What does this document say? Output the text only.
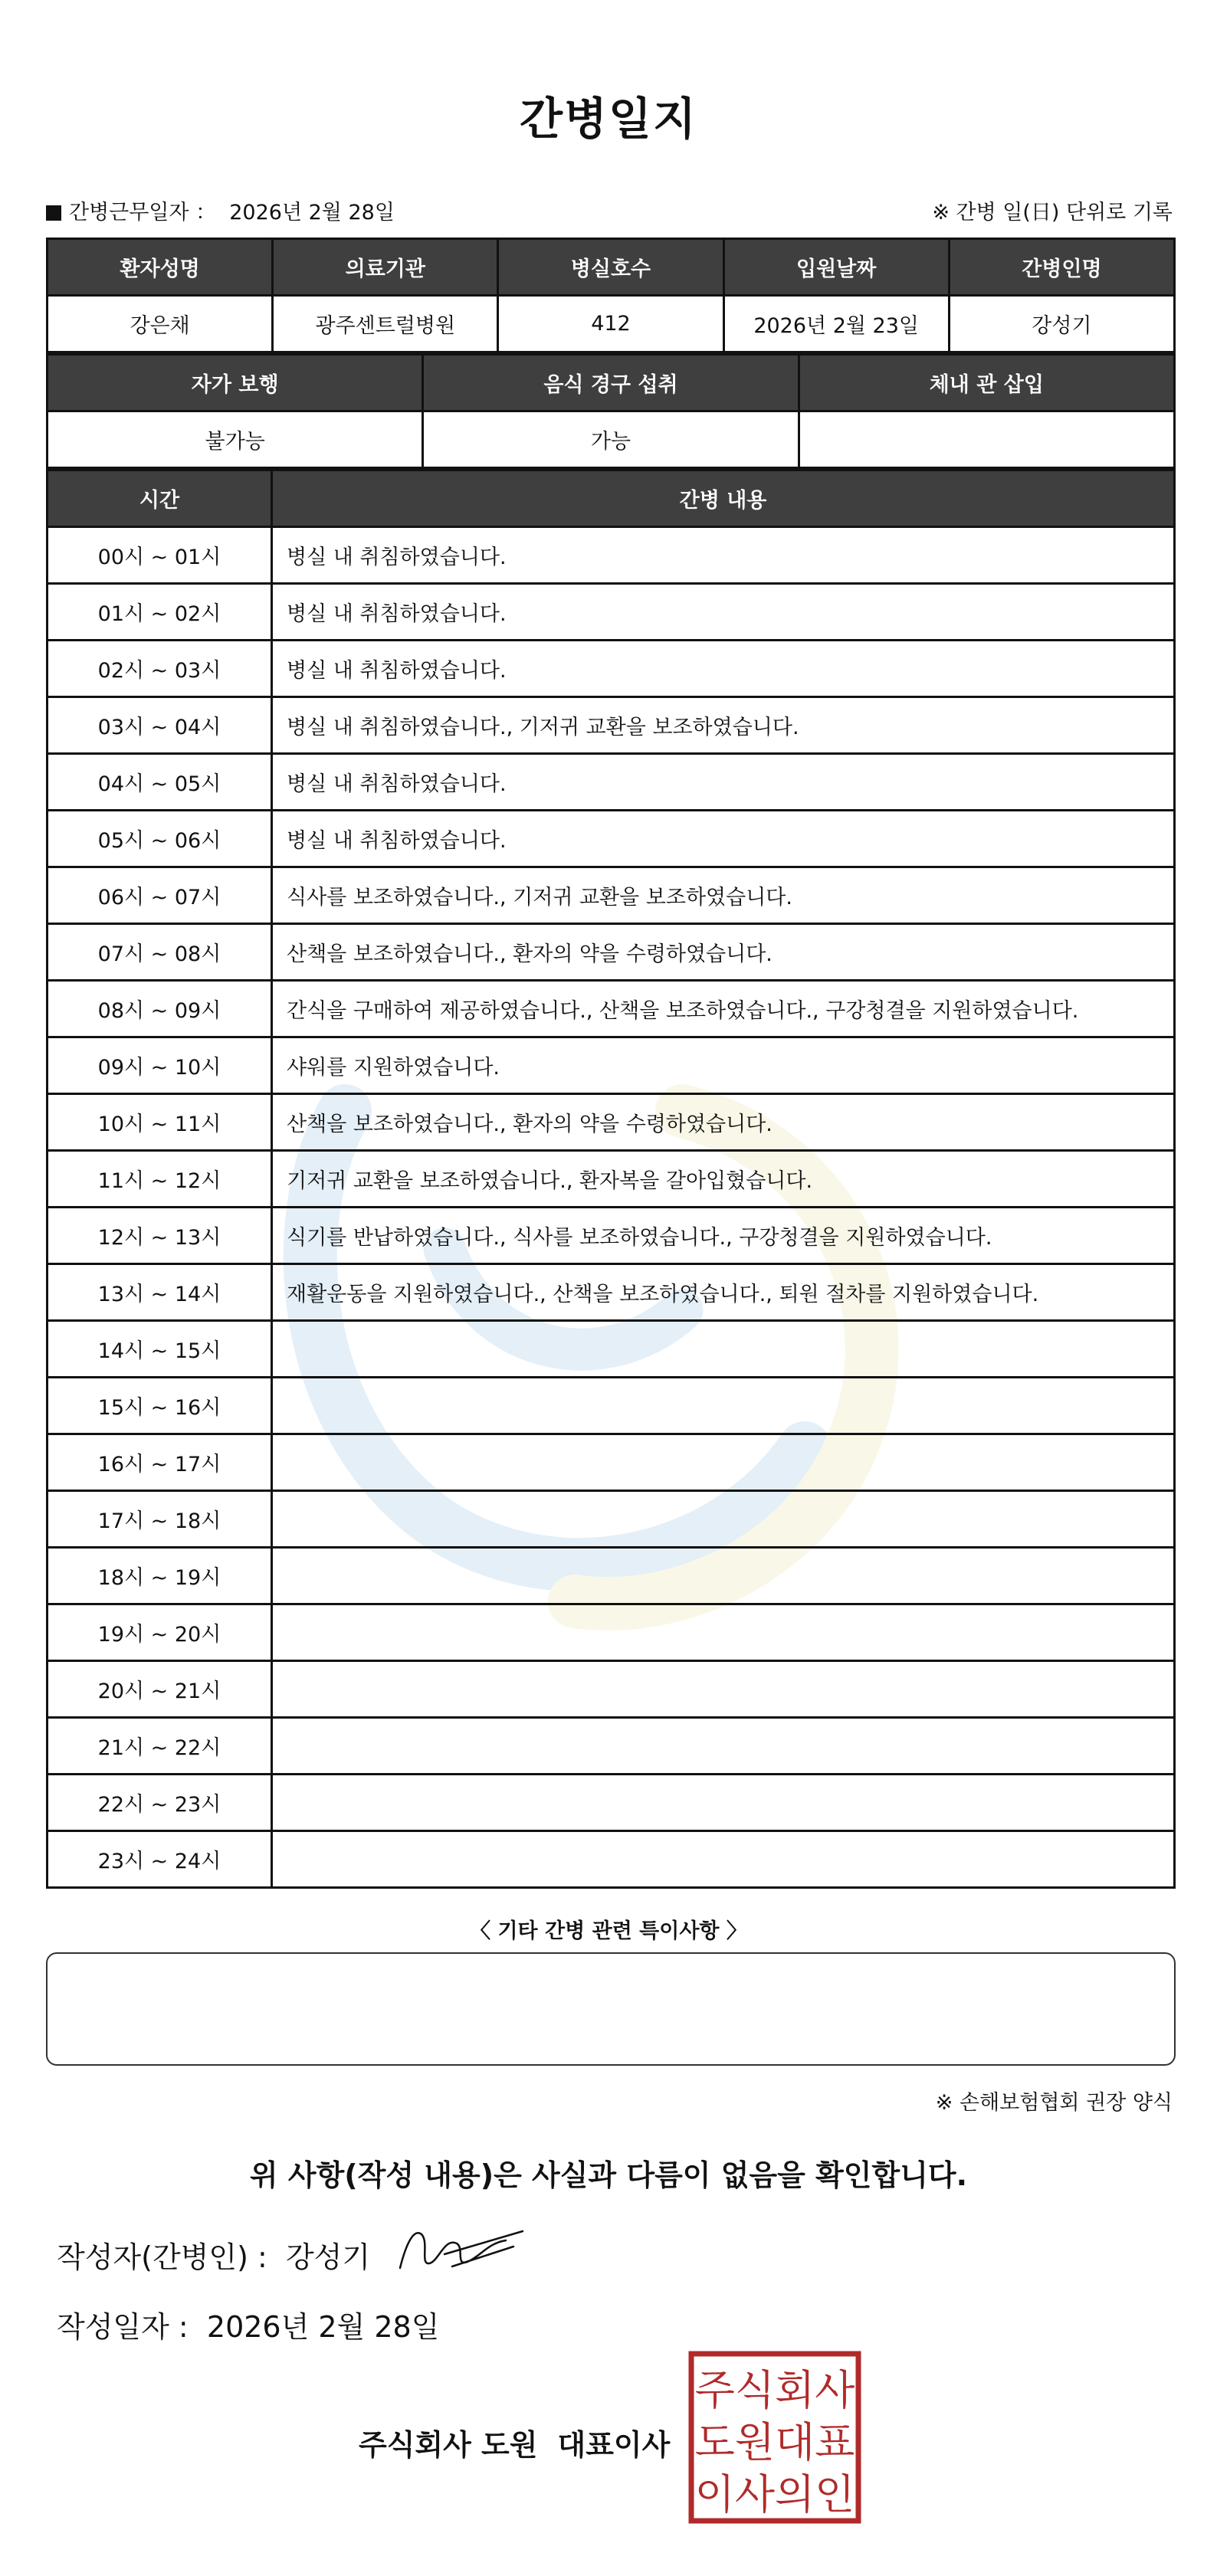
간병일지
간병근무일자 ： 2026년 2월 28일	※ 간병 일(日) 단위로 기록
환자성명	의료기관	병실호수	입원날짜	간병인명
강은채	광주센트럴병원	412	2026년 2월 23일	강성기
자가 보행	음식 경구 섭취	체내 관 삽입
불가능	가능	
시간	간병 내용
00시 ~ 01시	병실 내 취침하였습니다.
01시 ~ 02시	병실 내 취침하였습니다.
02시 ~ 03시	병실 내 취침하였습니다.
03시 ~ 04시	병실 내 취침하였습니다., 기저귀 교환을 보조하였습니다.
04시 ~ 05시	병실 내 취침하였습니다.
05시 ~ 06시	병실 내 취침하였습니다.
06시 ~ 07시	식사를 보조하였습니다., 기저귀 교환을 보조하였습니다.
07시 ~ 08시	산책을 보조하였습니다., 환자의 약을 수령하였습니다.
08시 ~ 09시	간식을 구매하여 제공하였습니다., 산책을 보조하였습니다., 구강청결을 지원하였습니다.
09시 ~ 10시	샤워를 지원하였습니다.
10시 ~ 11시	산책을 보조하였습니다., 환자의 약을 수령하였습니다.
11시 ~ 12시	기저귀 교환을 보조하였습니다., 환자복을 갈아입혔습니다.
12시 ~ 13시	식기를 반납하였습니다., 식사를 보조하였습니다., 구강청결을 지원하였습니다.
13시 ~ 14시	재활운동을 지원하였습니다., 산책을 보조하였습니다., 퇴원 절차를 지원하였습니다.
14시 ~ 15시	
15시 ~ 16시	
16시 ~ 17시	
17시 ~ 18시	
18시 ~ 19시	
19시 ~ 20시	
20시 ~ 21시	
21시 ~ 22시	
22시 ~ 23시	
23시 ~ 24시	
〈 기타 간병 관련 특이사항 〉
※ 손해보험협회 권장 양식
위 사항(작성 내용)은 사실과 다름이 없음을 확인합니다.
작성자(간병인) : 강성기
작성일자 : 2026년 2월 28일
주식회사 도원 대표이사
주식회사
도원대표
이사의인
